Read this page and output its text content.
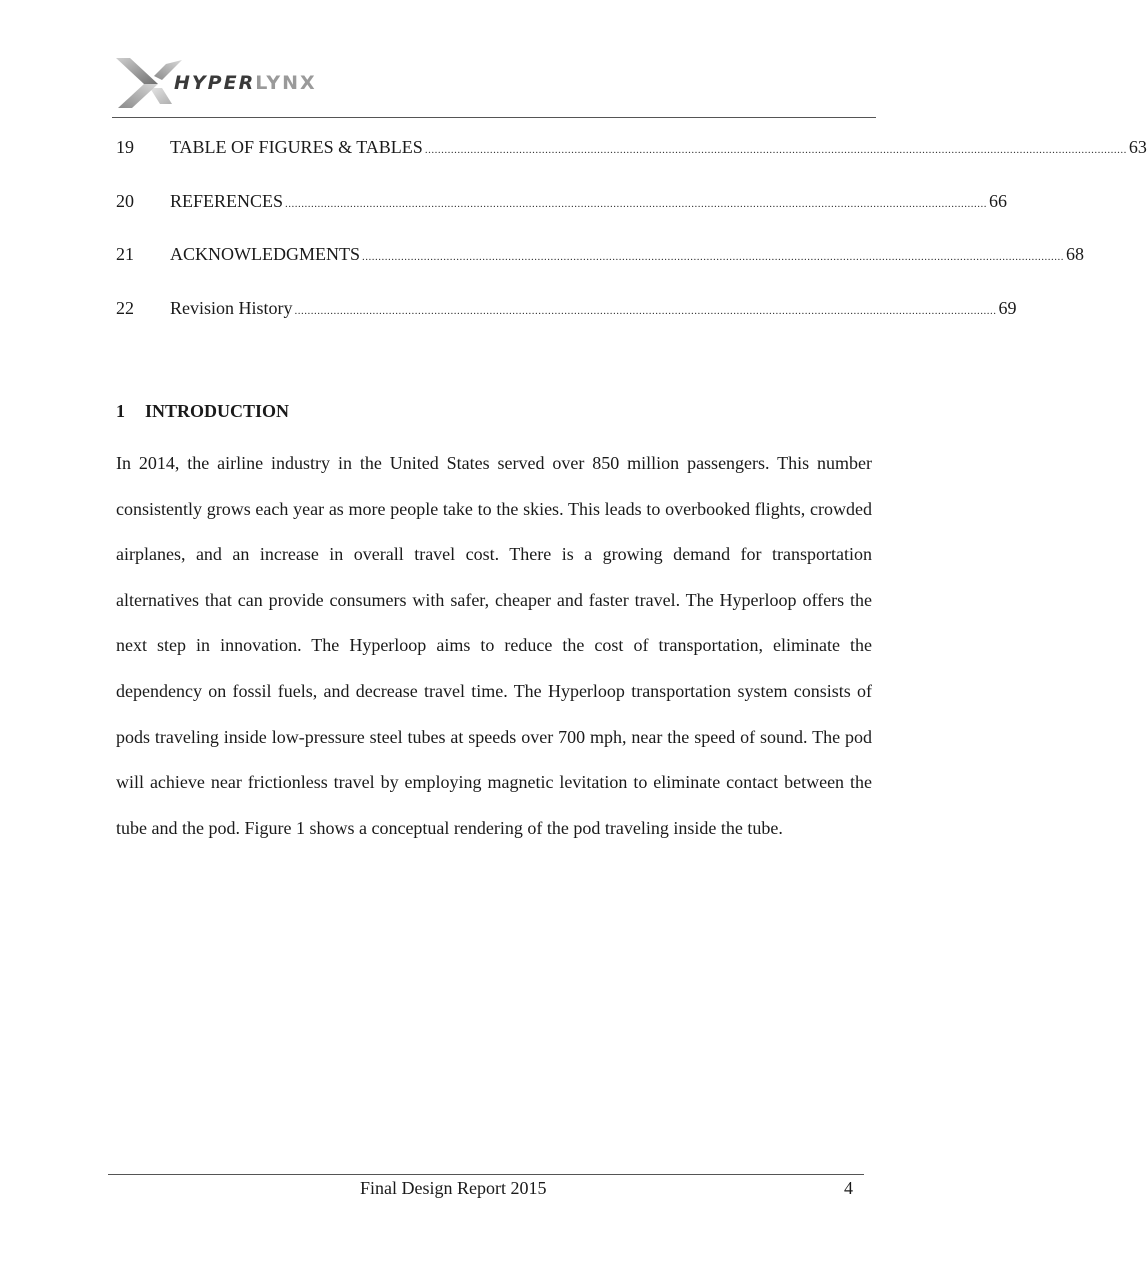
HYPERLYNX
19	TABLE OF FIGURES & TABLES ........................................................................................................................................................................................................................ 63
20	REFERENCES ........................................................................................................................................................................................................................ 66
21	ACKNOWLEDGMENTS ........................................................................................................................................................................................................................ 68
22	Revision History ........................................................................................................................................................................................................................ 69
1 INTRODUCTION

In 2014, the airline industry in the United States served over 850 million passengers. This number consistently grows each year as more people take to the skies. This leads to overbooked flights, crowded airplanes, and an increase in overall travel cost. There is a growing demand for transportation alternatives that can provide consumers with safer, cheaper and faster travel. The Hyperloop offers the next step in innovation. The Hyperloop aims to reduce the cost of transportation, eliminate the dependency on fossil fuels, and decrease travel time. The Hyperloop transportation system consists of pods traveling inside low-pressure steel tubes at speeds over 700 mph, near the speed of sound. The pod will achieve near frictionless travel by employing magnetic levitation to eliminate contact between the tube and the pod. Figure 1 shows a conceptual rendering of the pod traveling inside the tube.

Final Design Report 2015	4
